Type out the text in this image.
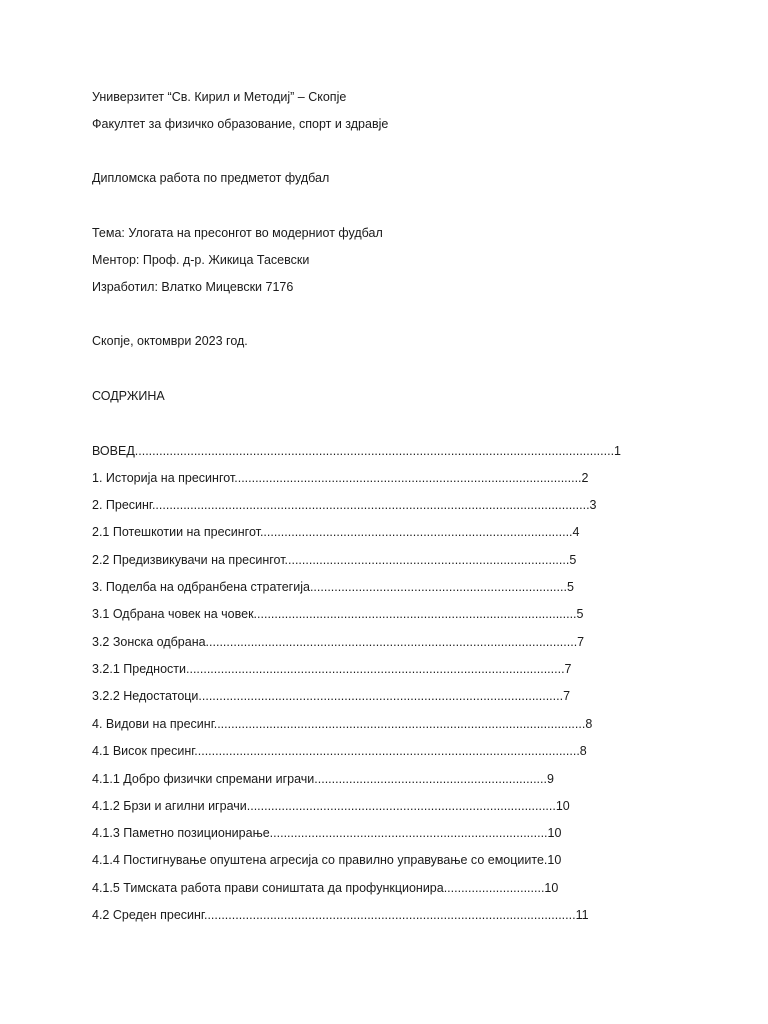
Универзитет “Св. Кирил и Методиј” – Скопје
Факултет за физичко образование, спорт и здравје
Дипломска работа по предметот фудбал
Тема: Улогата на пресонгот во модерниот фудбал
Ментор: Проф. д-р. Жикица Тасевски
Изработил: Влатко Мицевски 7176
Скопје, октомври 2023 год.
СОДРЖИНА
ВОВЕД..........................................................................................................................................1
1. Историја на пресингот....................................................................................................2
2. Пресинг..............................................................................................................................3
2.1 Потешкотии на пресингот..........................................................................................4
2.2 Предизвикувачи на пресингот..................................................................................5
3. Поделба на одбранбена стратегија..........................................................................5
3.1 Одбрана човек на човек.............................................................................................5
3.2 Зонска одбрана...........................................................................................................7
3.2.1 Предности.............................................................................................................7
3.2.2 Недостатоци.........................................................................................................7
4. Видови на пресинг...........................................................................................................8
4.1 Висок пресинг...............................................................................................................8
4.1.1 Добро физички спремани играчи...................................................................9
4.1.2 Брзи и агилни играчи.........................................................................................10
4.1.3 Паметно позиционирање................................................................................10
4.1.4 Постигнување опуштена агресија со правилно управување со емоциите.10
4.1.5 Тимската работа прави соништата да профункционира.............................10
4.2 Среден пресинг...........................................................................................................11
